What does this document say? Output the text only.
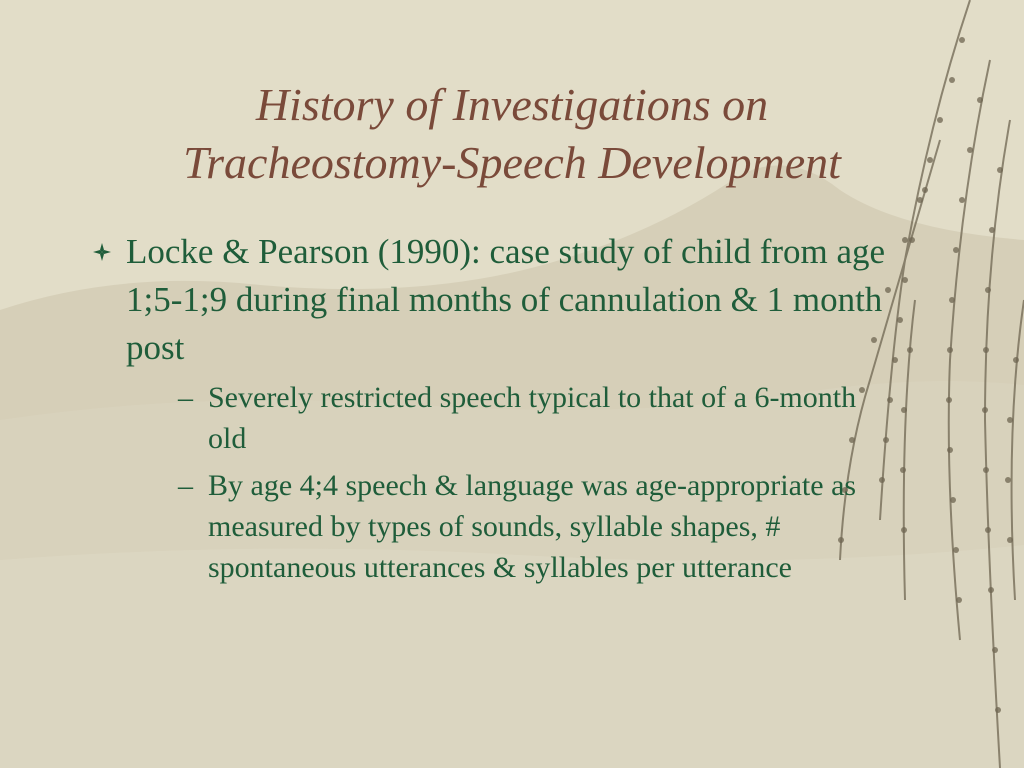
History of Investigations on
Tracheostomy-Speech Development
Locke & Pearson (1990): case study of child from age 1;5-1;9 during final months of cannulation & 1 month post
– Severely restricted speech typical to that of a 6-month old
– By age 4;4 speech & language was age-appropriate as measured by types of sounds, syllable shapes, # spontaneous utterances & syllables per utterance
